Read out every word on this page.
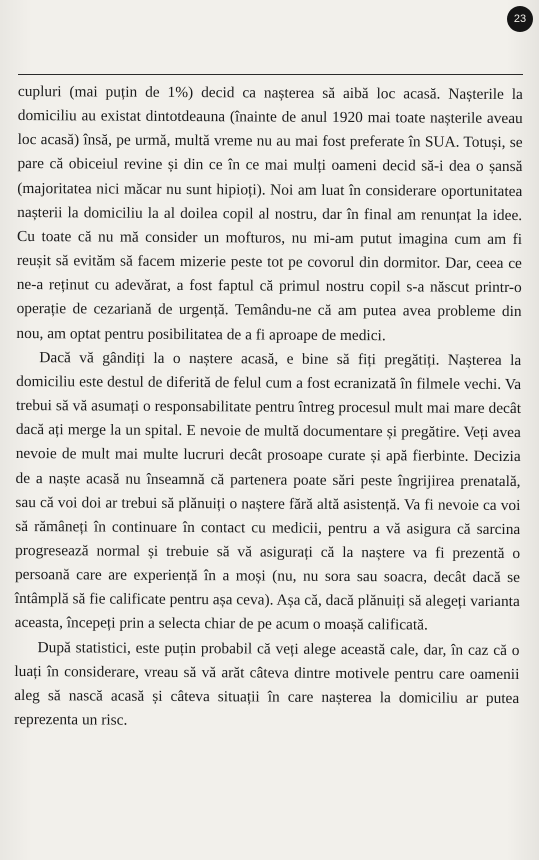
23

cupluri (mai puțin de 1%) decid ca nașterea să aibă loc acasă. Nașterile la domiciliu au existat dintotdeauna (înainte de anul 1920 mai toate nașterile aveau loc acasă) însă, pe urmă, multă vreme nu au mai fost preferate în SUA. Totuși, se pare că obiceiul revine și din ce în ce mai mulți oameni decid să-i dea o șansă (majoritatea nici măcar nu sunt hipioți). Noi am luat în considerare oportunitatea nașterii la domiciliu la al doilea copil al nostru, dar în final am renunțat la idee. Cu toate că nu mă consider un mofturos, nu mi-am putut imagina cum am fi reușit să evităm să facem mizerie peste tot pe covorul din dormitor. Dar, ceea ce ne-a reținut cu adevărat, a fost faptul că primul nostru copil s-a născut printr-o operație de cezariană de urgență. Temându-ne că am putea avea probleme din nou, am optat pentru posibilitatea de a fi aproape de medici.

Dacă vă gândiți la o naștere acasă, e bine să fiți pregătiți. Nașterea la domiciliu este destul de diferită de felul cum a fost ecranizată în filmele vechi. Va trebui să vă asumați o responsabilitate pentru întreg procesul mult mai mare decât dacă ați merge la un spital. E nevoie de multă documentare și pregătire. Veți avea nevoie de mult mai multe lucruri decât prosoape curate și apă fierbinte. Decizia de a naște acasă nu înseamnă că partenera poate sări peste îngrijirea prenatală, sau că voi doi ar trebui să plănuiți o naștere fără altă asistență. Va fi nevoie ca voi să rămâneți în continuare în contact cu medicii, pentru a vă asigura că sarcina progresează normal și trebuie să vă asigurați că la naștere va fi prezentă o persoană care are experiență în a moși (nu, nu sora sau soacra, decât dacă se întâmplă să fie calificate pentru așa ceva). Așa că, dacă plănuiți să alegeți varianta aceasta, începeți prin a selecta chiar de pe acum o moașă calificată.

După statistici, este puțin probabil că veți alege această cale, dar, în caz că o luați în considerare, vreau să vă arăt câteva dintre motivele pentru care oamenii aleg să nască acasă și câteva situații în care nașterea la domiciliu ar putea reprezenta un risc.
